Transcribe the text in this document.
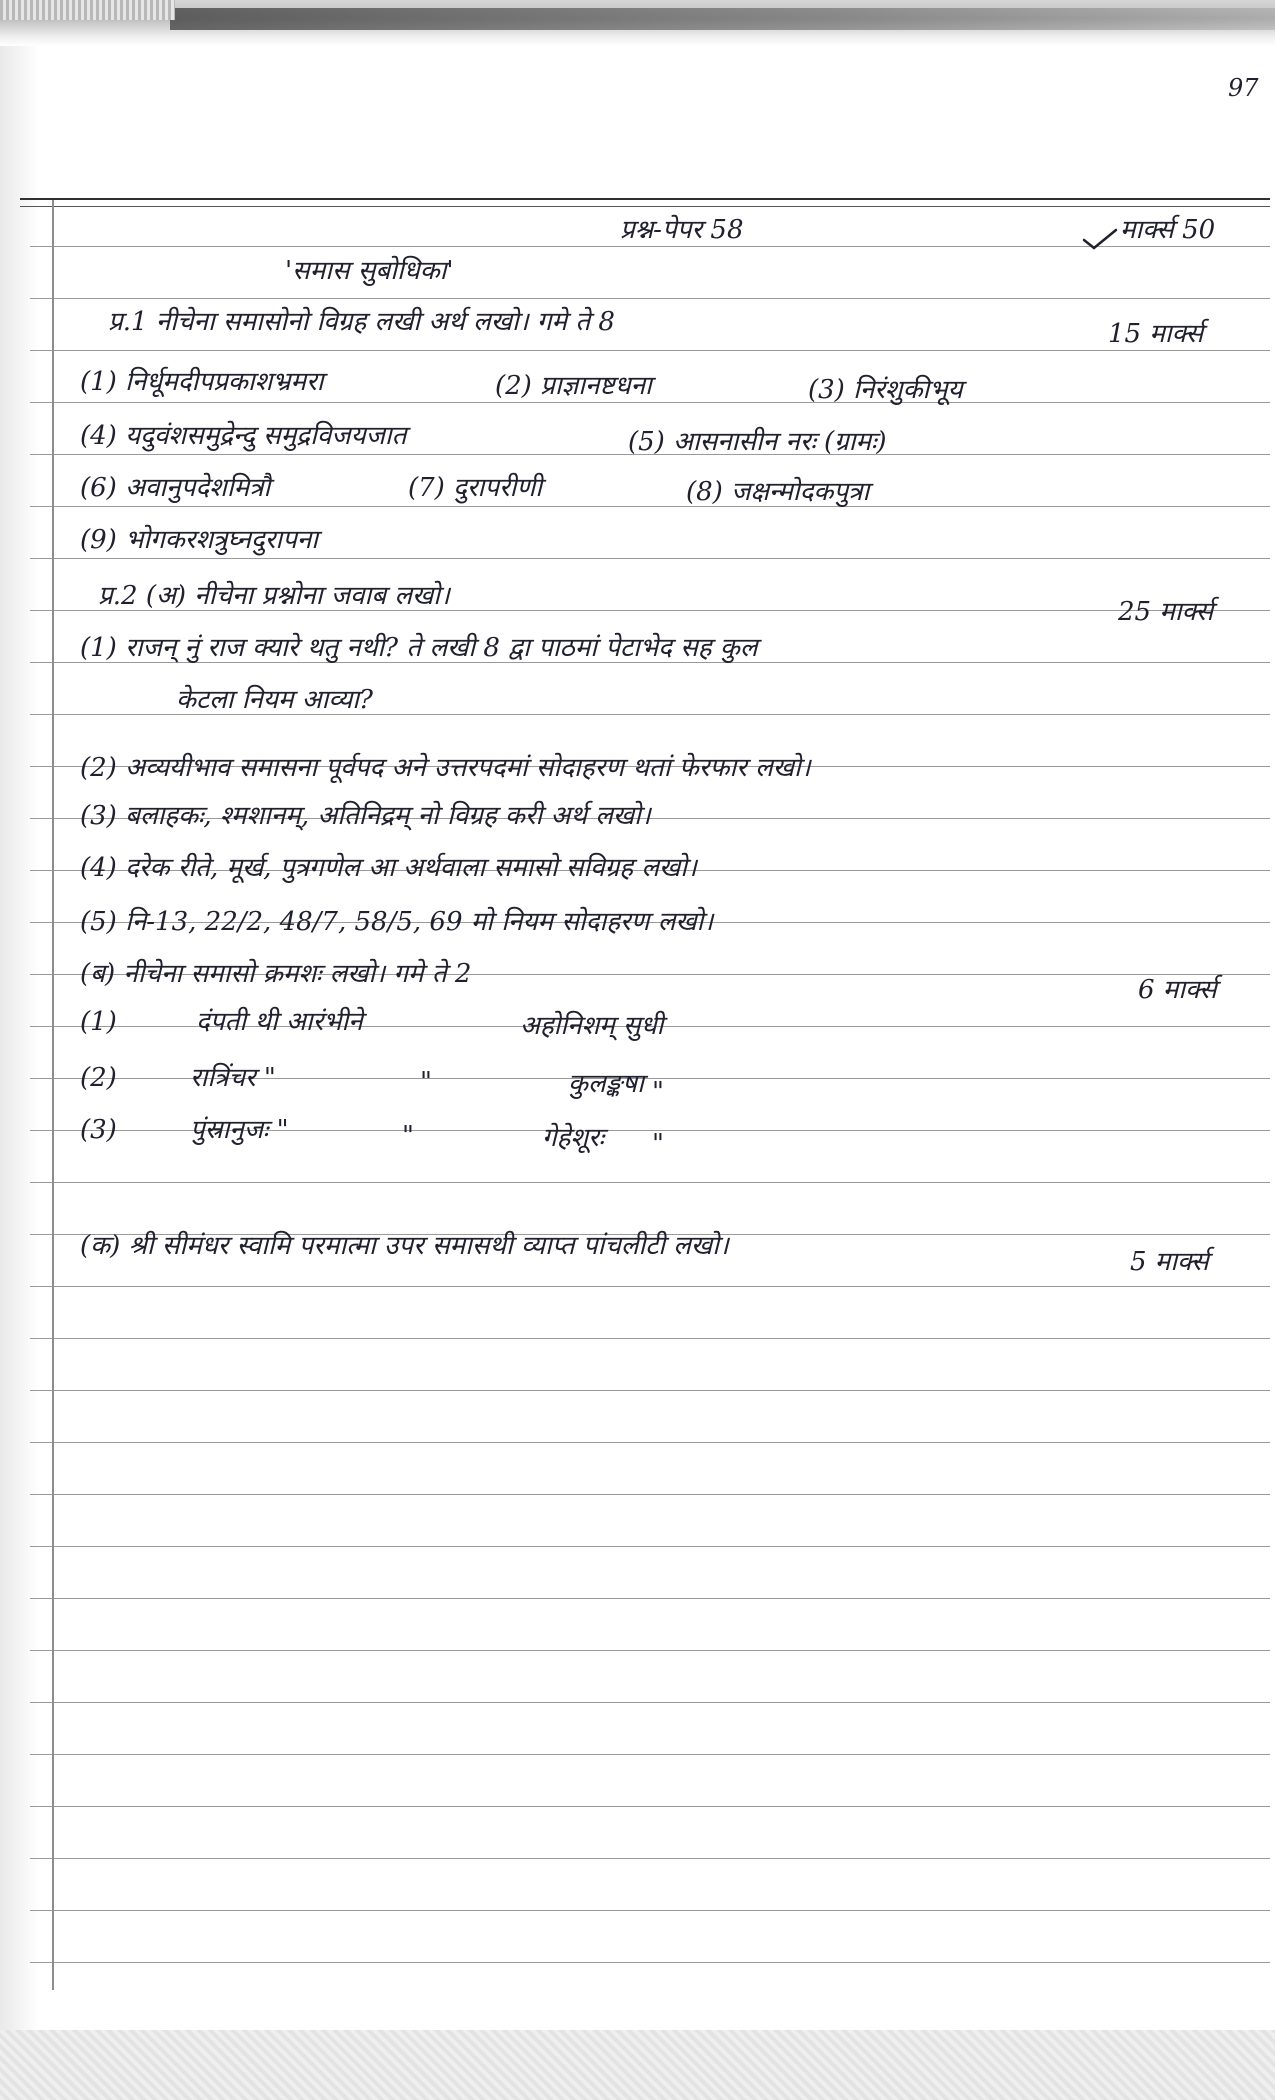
97
प्रश्न-पेपर 58	मार्क्स 50
'समास सुबोधिका'
प्र.1 नीचेना समासोनो विग्रह लखी अर्थ लखो। गमे ते 8	15 मार्क्स
(1) निर्धूमदीपप्रकाशभ्रमरा	(2) प्राज्ञानष्टधना	(3) निरंशुकीभूय
(4) यदुवंशसमुद्रेन्दु समुद्रविजयजात	(5) आसनासीन नरः (ग्रामः)
(6) अवानुपदेशमित्रौ	(7) दुरापरीणी	(8) जक्षन्मोदकपुत्रा
(9) भोगकरशत्रुघ्नदुरापना
प्र.2 (अ) नीचेना प्रश्नोना जवाब लखो।
25 मार्क्स
(1) राजन् नुं राज क्यारे थतु नथी? ते लखी 8 द्वा पाठमां पेटाभेद सह कुल
केटला नियम आव्या?
(2) अव्ययीभाव समासना पूर्वपद अने उत्तरपदमां सोदाहरण थतां फेरफार लखो।
(3) बलाहकः, श्मशानम्, अतिनिद्रम् नो विग्रह करी अर्थ लखो।
(4) दरेक रीते, मूर्ख, पुत्रगणेल आ अर्थवाला समासो सविग्रह लखो।
(5) नि-13, 22/2, 48/7, 58/5, 69 मो नियम सोदाहरण लखो।
(ब) नीचेना समासो क्रमशः लखो। गमे ते 2
6 मार्क्स
(1)	दंपती थी आरंभीने	अहोनिशम् सुधी
(2)	रात्रिंचर "	"	कुलङ्कषा "
(3)	पुंस्रानुजः "	"	गेहेशूरः "
(क) श्री सीमंधर स्वामि परमात्मा उपर समासथी व्याप्त पांचलीटी लखो।
5 मार्क्स
